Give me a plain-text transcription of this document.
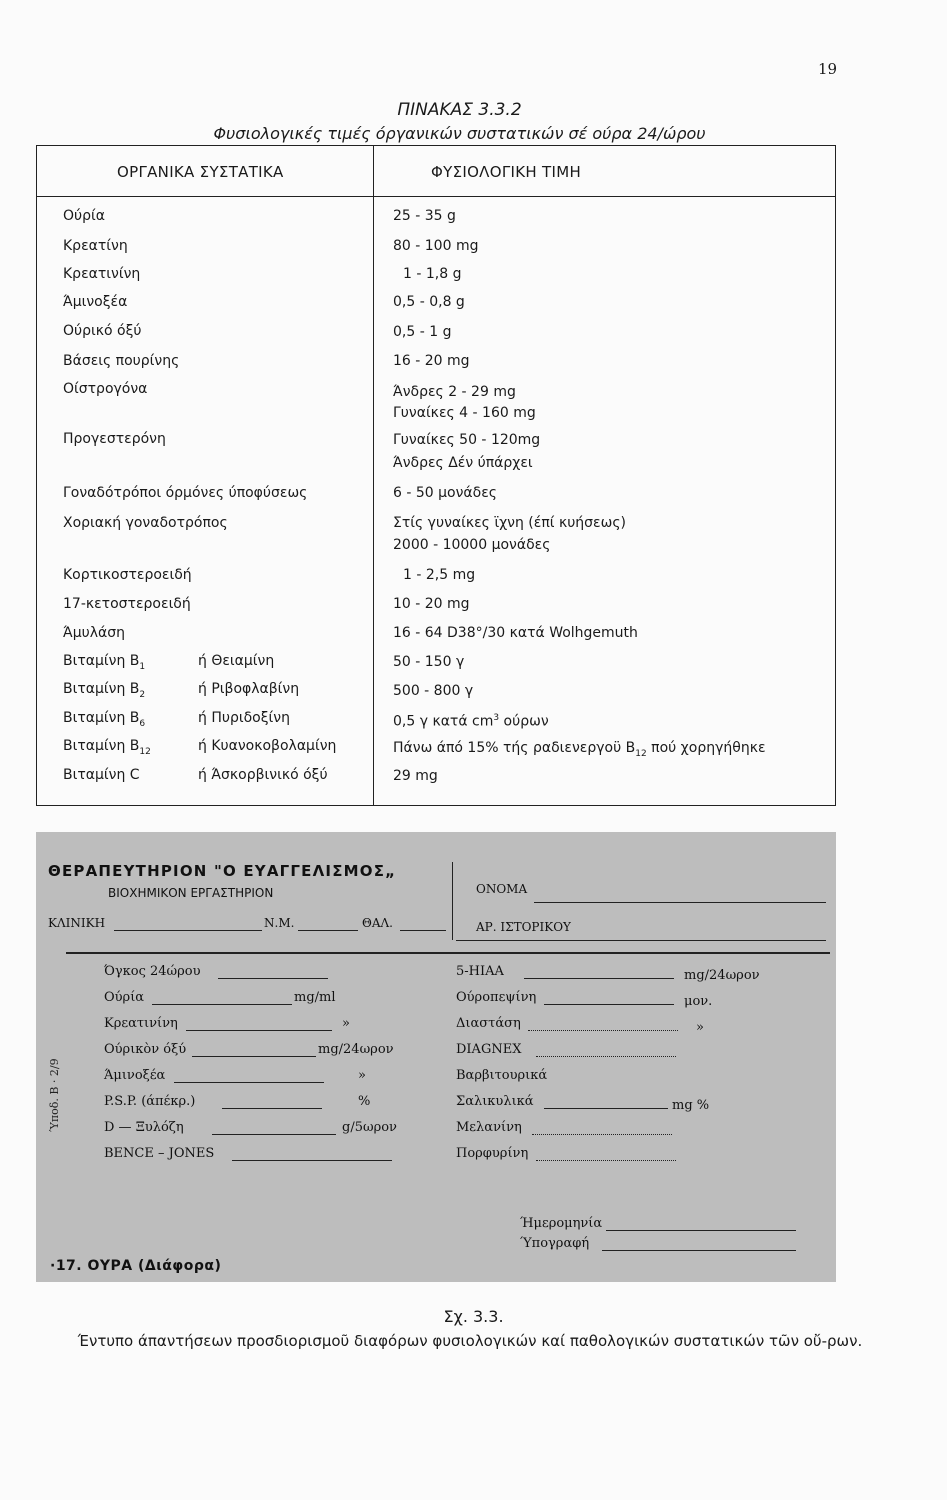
19
ΠΙΝΑΚΑΣ 3.3.2
Φυσιολογικές τιμές όργανικών συστατικών σέ ούρα 24/ώρου
ΟΡΓΑΝΙΚΑ ΣΥΣΤΑΤΙΚΑ	ΦΥΣΙΟΛΟΓΙΚΗ ΤΙΜΗ
Ούρία	25 - 35 g
Κρεατίνη	80 - 100 mg
Κρεατινίνη	1 - 1,8 g
Άμινοξέα	0,5 - 0,8 g
Ούρικό όξύ	0,5 - 1 g
Βάσεις πουρίνης	16 - 20 mg
Οίστρογόνα	Άνδρες 2 - 29 mg
Γυναίκες 4 - 160 mg
Προγεστερόνη	Γυναίκες 50 - 120mg
Άνδρες Δέν ύπάρχει
Γοναδότρόποι όρμόνες ύποφύσεως	6 - 50 μονάδες
Χοριακή γοναδοτρόπος	Στίς γυναίκες ϊχνη (έπί κυήσεως)
2000 - 10000 μονάδες
Κορτικοστεροειδή	1 - 2,5 mg
17-κετοστεροειδή	10 - 20 mg
Άμυλάση	16 - 64 D38°/30 κατά Wolhgemuth
Βιταμίνη $B_1$	ή Θειαμίνη	50 - 150 γ
Βιταμίνη $B_2$	ή Ριβοφλαβίνη	500 - 800 γ
Βιταμίνη $B_6$	ή Πυριδοξίνη	0,5 γ κατά $cm^3$ ούρων
Βιταμίνη $B_{12}$	ή Κυανοκοβολαμίνη	Πάνω άπό 15% τής ραδιενεργοϋ $B_{12}$ πού χορηγήθηκε
Βιταμίνη C	ή Άσκορβινικό όξύ	29 mg
ΘΕΡΑΠΕΥΤΗΡΙΟΝ "Ο ΕΥΑΓΓΕΛΙΣΜΟΣ„
ΒΙΟΧΗΜΙΚΟΝ ΕΡΓΑΣΤΗΡΙΟΝ
ΚΛΙΝΙΚΗ	Ν.Μ.	ΘΑΛ.
ΟΝΟΜΑ
ΑΡ. ΙΣΤΟΡΙΚΟΥ
Όγκος 24ώρου
Ούρία	mg/ml
Κρεατινίνη	»
Ούρικὸν όξύ	mg/24ωρον
Άμινοξέα	»
P.S.P. (άπέκρ.)	%
D — Ξυλόζη	g/5ωρον
BENCE – JONES
5-HIAA	mg/24ωρον
Ούροπεψίνη	μον.
Διαστάση	»
DIAGNEX
Βαρβιτουρικά
Σαλικυλικά	mg %
Μελανίνη
Πορφυρίνη
Ήμερομηνία
Ύπογραφή
Ύποδ. B · 2/9
·17. ΟΥΡΑ (Διάφορα)
Σχ. 3.3.
Έντυπο άπαντήσεων προσδιορισμοῦ διαφόρων φυσιολογικών καί παθολογικών συστατικών τῶν οὔ-ρων.
